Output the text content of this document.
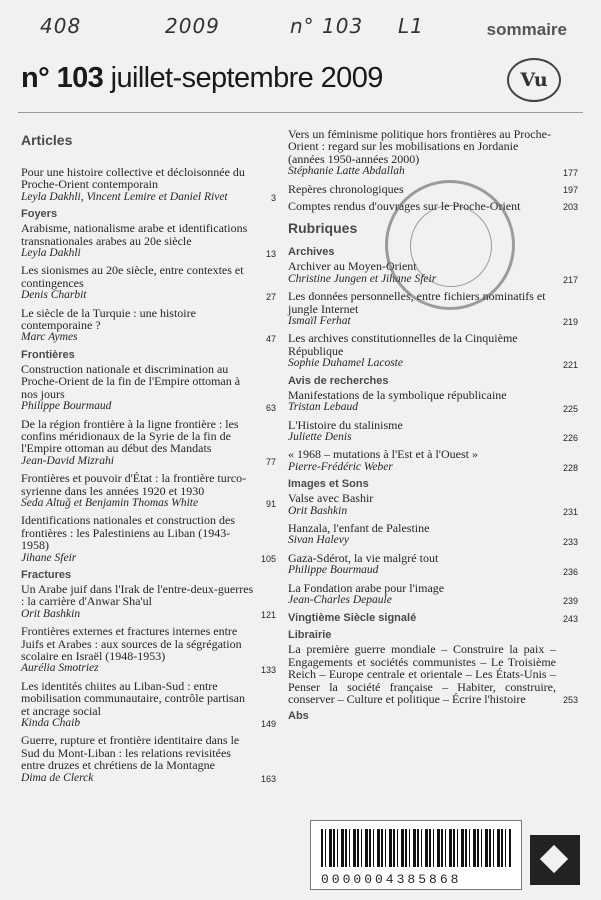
408	2009	n° 103 L1	sommaire
n° 103 juillet-septembre 2009	Vu
Articles
Pour une histoire collective et décloisonnée du Proche-Orient contemporain
Leyla Dakhli, Vincent Lemire et Daniel Rivet	3
Foyers
Arabisme, nationalisme arabe et identifications transnationales arabes au 20e siècle
Leyla Dakhli	13
Les sionismes au 20e siècle, entre contextes et contingences
Denis Charbit	27
Le siècle de la Turquie : une histoire contemporaine ?
Marc Aymes	47
Frontières
Construction nationale et discrimination au Proche-Orient de la fin de l'Empire ottoman à nos jours
Philippe Bourmaud	63
De la région frontière à la ligne frontière : les confins méridionaux de la Syrie de la fin de l'Empire ottoman au début des Mandats
Jean-David Mizrahi	77
Frontières et pouvoir d'État : la frontière turco-syrienne dans les années 1920 et 1930
Seda Altuğ et Benjamin Thomas White	91
Identifications nationales et construction des frontières : les Palestiniens au Liban (1943-1958)
Jihane Sfeir	105
Fractures
Un Arabe juif dans l'Irak de l'entre-deux-guerres : la carrière d'Anwar Sha'ul
Orit Bashkin	121
Frontières externes et fractures internes entre Juifs et Arabes : aux sources de la ségrégation scolaire en Israël (1948-1953)
Aurélia Smotriez	133
Les identités chiites au Liban-Sud : entre mobilisation communautaire, contrôle partisan et ancrage social
Kinda Chaib	149
Guerre, rupture et frontière identitaire dans le Sud du Mont-Liban : les relations revisitées entre druzes et chrétiens de la Montagne
Dima de Clerck	163
Vers un féminisme politique hors frontières au Proche-Orient : regard sur les mobilisations en Jordanie (années 1950-années 2000)
Stéphanie Latte Abdallah	177
Repères chronologiques	197
Comptes rendus d'ouvrages sur le Proche-Orient	203
Rubriques
Archives
Archiver au Moyen-Orient
Christine Jungen et Jihane Sfeir	217
Les données personnelles, entre fichiers nominatifs et jungle Internet
Ismaïl Ferhat	219
Les archives constitutionnelles de la Cinquième République
Sophie Duhamel Lacoste	221
Avis de recherches
Manifestations de la symbolique républicaine
Tristan Lebaud	225
L'Histoire du stalinisme
Juliette Denis	226
« 1968 – mutations à l'Est et à l'Ouest »
Pierre-Frédéric Weber	228
Images et Sons
Valse avec Bashir
Orit Bashkin	231
Hanzala, l'enfant de Palestine
Sivan Halevy	233
Gaza-Sdérot, la vie malgré tout
Philippe Bourmaud	236
La Fondation arabe pour l'image
Jean-Charles Depaule	239
Vingtième Siècle signalé	243
Librairie
La première guerre mondiale – Construire la paix – Engagements et sociétés communistes – Le Troisième Reich – Europe centrale et orientale – Les États-Unis – Penser la société française – Habiter, construire, conserver – Culture et politique – Écrire l'histoire	253
Abs
0000004385868
